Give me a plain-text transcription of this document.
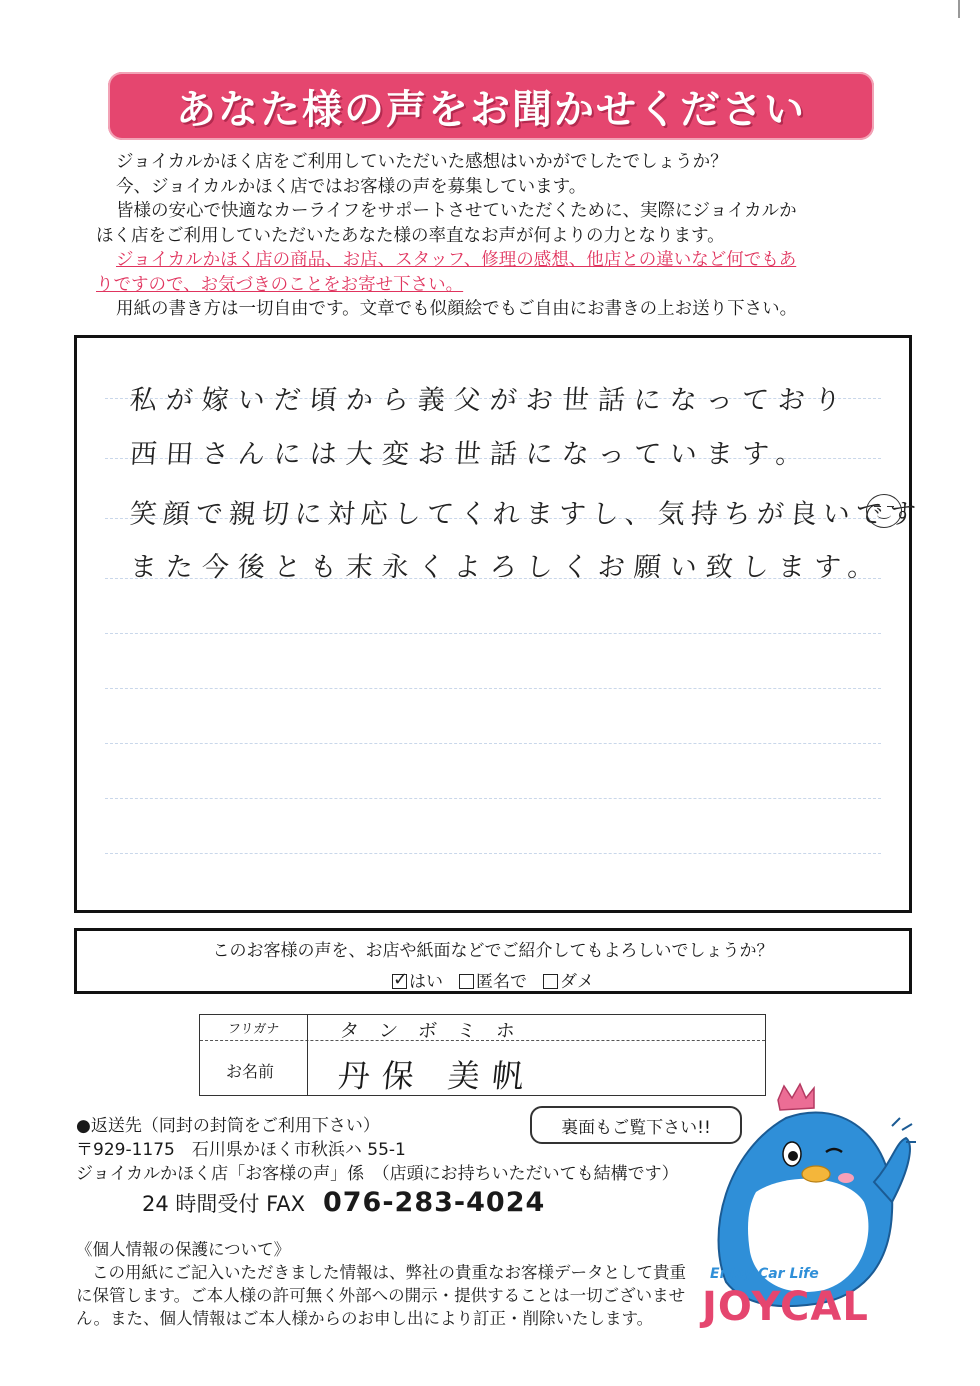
あなた様の声をお聞かせください

ジョイカルかほく店をご利用していただいた感想はいかがでしたでしょうか？

今、ジョイカルかほく店ではお客様の声を募集しています。

皆様の安心で快適なカーライフをサポートさせていただくために、実際にジョイカルか

ほく店をご利用していただいたあなた様の率直なお声が何よりの力となります。

ジョイカルかほく店の商品、お店、スタッフ、修理の感想、他店との違いなど何でもあ

りですので、お気づきのことをお寄せ下さい。

用紙の書き方は一切自由です。文章でも似顔絵でもご自由にお書きの上お送り下さい。

私が嫁いだ頃から義父がお世話になっており
西田さんには大変お世話になっています。
笑顔で親切に対応してくれますし、気持ちが良いです
また今後とも末永くよろしくお願い致します。
このお客様の声を、お店や紙面などでご紹介してもよろしいでしょうか？
✓はい	匿名で	ダメ
フリガナ	タンボミホ
お名前 丹保 美帆
●返送先（同封の封筒をご利用下さい）
〒929-1175　石川県かほく市秋浜ハ 55-1
ジョイカルかほく店「お客様の声」係　（店頭にお持ちいただいても結構です）
24 時間受付 FAX 076-283-4024
裏面もご覧下さい!!
《個人情報の保護について》
この用紙にご記入いただきました情報は、弊社の貴重なお客様データとして貴重
に保管します。ご本人様の許可無く外部への開示・提供することは一切ございませ
ん。また、個人情報はご本人様からのお申し出により訂正・削除いたします。
Enjoy Car Life
JOYCAL
